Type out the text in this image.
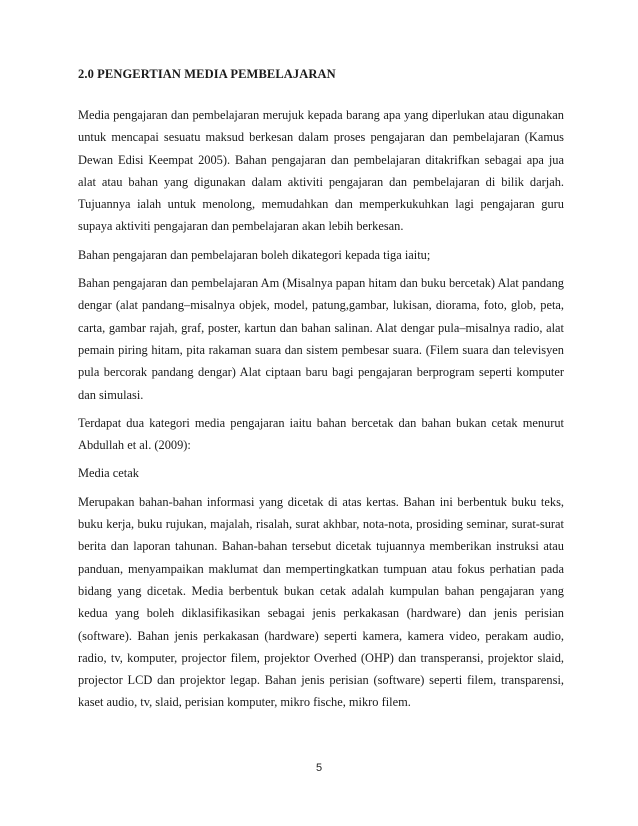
2.0 PENGERTIAN MEDIA PEMBELAJARAN

Media pengajaran dan pembelajaran merujuk kepada barang apa yang diperlukan atau digunakan untuk mencapai sesuatu maksud berkesan dalam proses pengajaran dan pembelajaran (Kamus Dewan Edisi Keempat 2005). Bahan pengajaran dan pembelajaran ditakrifkan sebagai apa jua alat atau bahan yang digunakan dalam aktiviti pengajaran dan pembelajaran di bilik darjah. Tujuannya ialah untuk menolong, memudahkan dan memperkukuhkan lagi pengajaran guru supaya aktiviti pengajaran dan pembelajaran akan lebih berkesan.

Bahan pengajaran dan pembelajaran boleh dikategori kepada tiga iaitu;

Bahan pengajaran dan pembelajaran Am (Misalnya papan hitam dan buku bercetak) Alat pandang dengar (alat pandang–misalnya objek, model, patung,gambar, lukisan, diorama, foto, glob, peta, carta, gambar rajah, graf, poster, kartun dan bahan salinan. Alat dengar pula–misalnya radio, alat pemain piring hitam, pita rakaman suara dan sistem pembesar suara. (Filem suara dan televisyen pula bercorak pandang dengar) Alat ciptaan baru bagi pengajaran berprogram seperti komputer dan simulasi.

Terdapat dua kategori media pengajaran iaitu bahan bercetak dan bahan bukan cetak menurut Abdullah et al. (2009):

Media cetak

Merupakan bahan-bahan informasi yang dicetak di atas kertas. Bahan ini berbentuk buku teks, buku kerja, buku rujukan, majalah, risalah, surat akhbar, nota-nota, prosiding seminar, surat-surat berita dan laporan tahunan. Bahan-bahan tersebut dicetak tujuannya memberikan instruksi atau panduan, menyampaikan maklumat dan mempertingkatkan tumpuan atau fokus perhatian pada bidang yang dicetak. Media berbentuk bukan cetak adalah kumpulan bahan pengajaran yang kedua yang boleh diklasifikasikan sebagai jenis perkakasan (hardware) dan jenis perisian (software). Bahan jenis perkakasan (hardware) seperti kamera, kamera video, perakam audio, radio, tv, komputer, projector filem, projektor Overhed (OHP) dan transperansi, projektor slaid, projector LCD dan projektor legap. Bahan jenis perisian (software) seperti filem, transparensi, kaset audio, tv, slaid, perisian komputer, mikro fische, mikro filem.

5
